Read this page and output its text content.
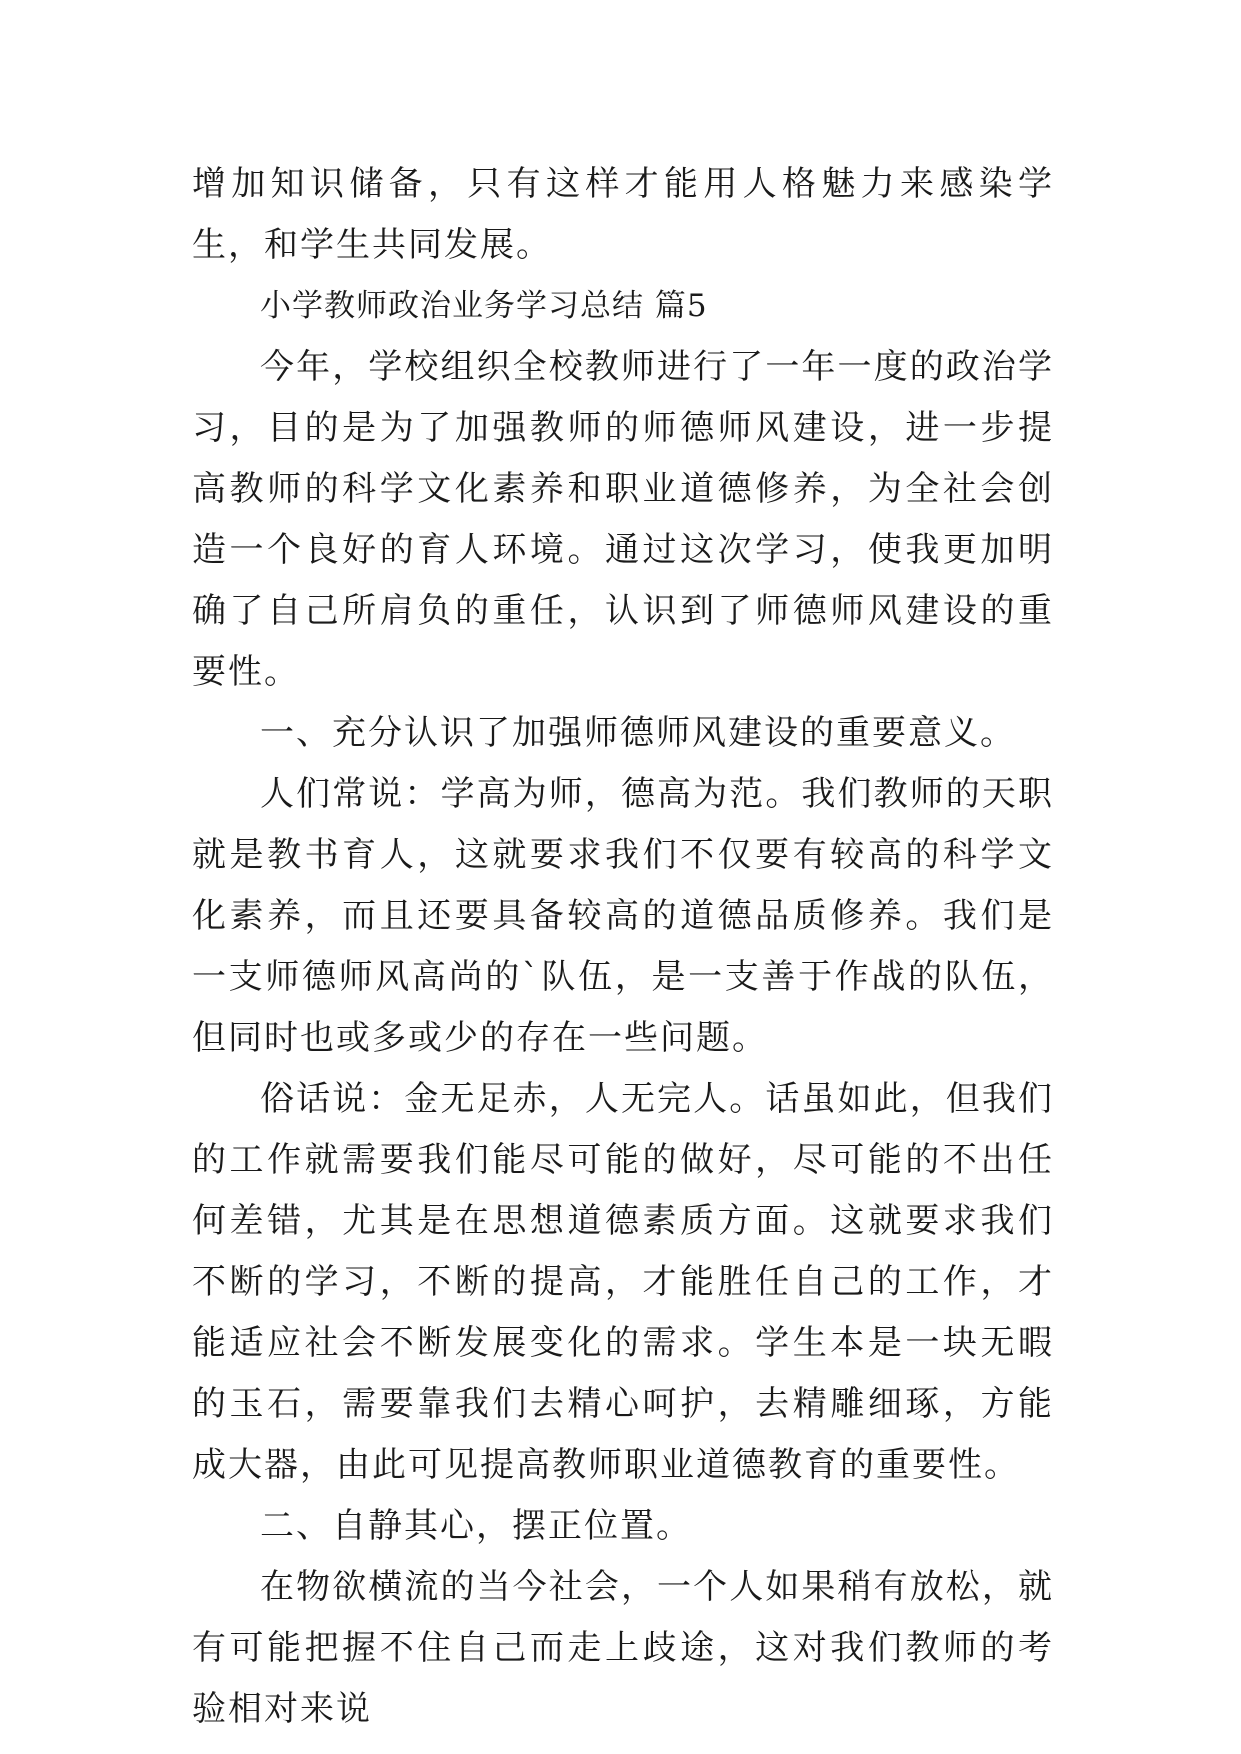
增加知识储备，只有这样才能用人格魅力来感染学生，和学生共同发展。

小学教师政治业务学习总结 篇5

今年，学校组织全校教师进行了一年一度的政治学习，目的是为了加强教师的师德师风建设，进一步提高教师的科学文化素养和职业道德修养，为全社会创造一个良好的育人环境。通过这次学习，使我更加明确了自己所肩负的重任，认识到了师德师风建设的重要性。

一、充分认识了加强师德师风建设的重要意义。

人们常说：学高为师，德高为范。我们教师的天职就是教书育人，这就要求我们不仅要有较高的科学文化素养，而且还要具备较高的道德品质修养。我们是一支师德师风高尚的`队伍，是一支善于作战的队伍，但同时也或多或少的存在一些问题。

俗话说：金无足赤，人无完人。话虽如此，但我们的工作就需要我们能尽可能的做好，尽可能的不出任何差错，尤其是在思想道德素质方面。这就要求我们不断的学习，不断的提高，才能胜任自己的工作，才能适应社会不断发展变化的需求。学生本是一块无暇的玉石，需要靠我们去精心呵护，去精雕细琢，方能成大器，由此可见提高教师职业道德教育的重要性。

二、自静其心，摆正位置。

在物欲横流的当今社会，一个人如果稍有放松，就有可能把握不住自己而走上歧途，这对我们教师的考验相对来说
